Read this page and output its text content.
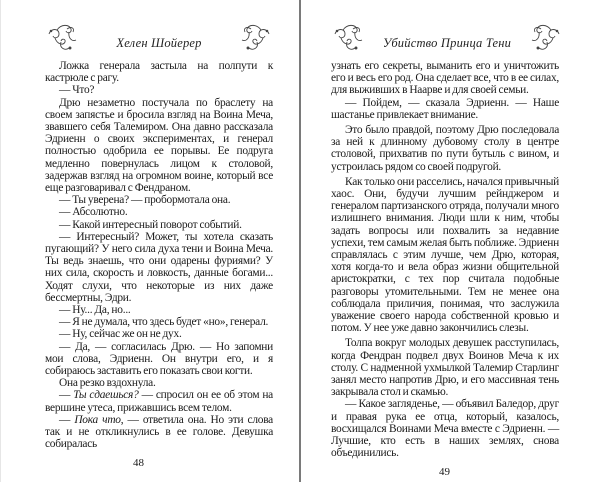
Хелен Шойерер

Ложка генерала застыла на полпути к кастрюле с рагу.

— Что?

Дрю незаметно постучала по браслету на своем запястье и бросила взгляд на Воина Меча, звавшего себя Талемиром. Она давно рассказала Эдриенн о своих экспериментах, и генерал полностью одобрила ее порывы. Ее подруга медленно повернулась лицом к столовой, задержав взгляд на огромном воине, который все еще разговаривал с Фендраном.

— Ты уверена? — пробормотала она.

— Абсолютно.

— Какой интересный поворот событий.

— Интересный? Может, ты хотела сказать пугающий? У него сила духа тени и Воина Меча. Ты ведь знаешь, что они одарены фуриями? У них сила, скорость и ловкость, данные богами... Ходят слухи, что некоторые из них даже бессмертны, Эдри.

— Ну... Да, но...

— Я не думала, что здесь будет «но», генерал.

— Ну, сейчас же он не дух.

— Да, — согласилась Дрю. — Но запомни мои слова, Эдриенн. Он внутри его, и я собираюсь заставить его показать свои когти.

Она резко вздохнула.

— Ты сдаешься? — спросил он ее об этом на вершине утеса, прижавшись всем телом.

— Пока что, — ответила она. Но эти слова так и не откликнулись в ее голове. Девушка собиралась

48
Убийство Принца Тени

узнать его секреты, выманить его и уничтожить его и весь его род. Она сделает все, что в ее силах, для выживших в Наарве и для своей семьи.

— Пойдем, — сказала Эдриенн. — Наше шастанье привлекает внимание.

Это было правдой, поэтому Дрю последовала за ней к длинному дубовому столу в центре столовой, прихватив по пути бутыль с вином, и устроилась рядом со своей подругой.

Как только они расселись, начался привычный хаос. Они, будучи лучшим рейнджером и генералом партизанского отряда, получали много излишнего внимания. Люди шли к ним, чтобы задать вопросы или похвалить за недавние успехи, тем самым желая быть поближе. Эдриенн справлялась с этим лучше, чем Дрю, которая, хотя когда-то и вела образ жизни общительной аристократки, с тех пор считала подобные разговоры утомительными. Тем не менее она соблюдала приличия, понимая, что заслужила уважение своего народа собственной кровью и потом. У нее уже давно закончились слезы.

Толпа вокруг молодых девушек расступилась, когда Фендран подвел двух Воинов Меча к их столу. С надменной ухмылкой Талемир Старлинг занял место напротив Дрю, и его массивная тень закрывала стол и скамью.

— Какое загляденье, — объявил Баледор, друг и правая рука ее отца, который, казалось, восхищался Воинами Меча вместе с Эдриенн. — Лучшие, кто есть в наших землях, снова объединились.

49
